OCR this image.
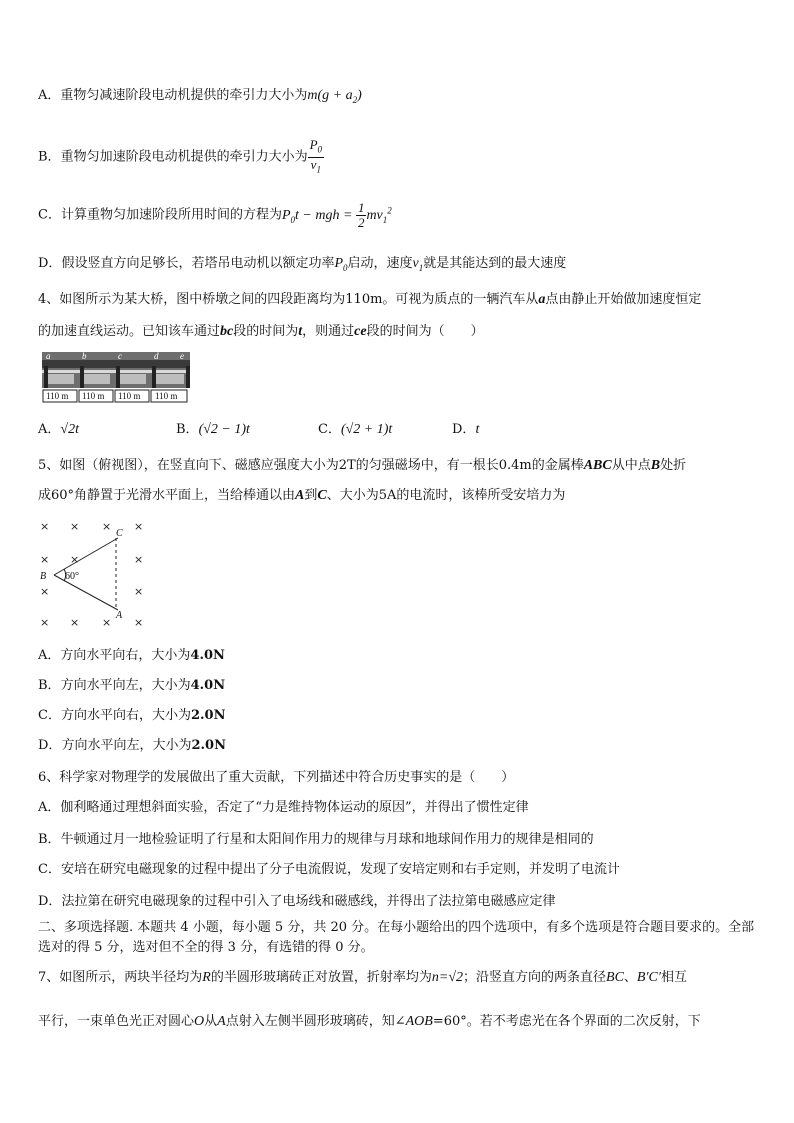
A．重物匀减速阶段电动机提供的牵引力大小为$m(g + a_2)$
B．重物匀加速阶段电动机提供的牵引力大小为 $\frac{P_0}{v_1}$
C．计算重物匀加速阶段所用时间的方程为$P_0t$ − mgh = $\frac{1}{2} mv_1^2$
D．假设竖直方向足够长，若塔吊电动机以额定功率$P_0$启动，速度$v_1$就是其能达到的最大速度
4、如图所示为某大桥，图中桥墩之间的四段距离均为110m。可视为质点的一辆汽车从a点由静止开始做加速度恒定
的加速直线运动。已知该车通过bc段的时间为t，则通过ce段的时间为（　　）
a	b	c	d e
110 m 110 m 110 m 110 m
A．√2t	B．(√2 − 1)t	C．(√2 + 1)t	D．t
5、如图（俯视图），在竖直向下、磁感应强度大小为2T的匀强磁场中，有一根长0.4m的金属棒ABC从中点B处折
成60°角静置于光滑水平面上，当给棒通以由A到C、大小为5A的电流时，该棒所受安培力为
× × × ×
× ×	×
×	×
× × × ×
C
B
A
60°
A．方向水平向右，大小为4.0N
B．方向水平向左，大小为4.0N
C．方向水平向右，大小为2.0N
D．方向水平向左，大小为2.0N
6、科学家对物理学的发展做出了重大贡献，下列描述中符合历史事实的是（　　）
A．伽利略通过理想斜面实验，否定了“力是维持物体运动的原因”，并得出了惯性定律
B．牛顿通过月一地检验证明了行星和太阳间作用力的规律与月球和地球间作用力的规律是相同的
C．安培在研究电磁现象的过程中提出了分子电流假说，发现了安培定则和右手定则，并发明了电流计
D．法拉第在研究电磁现象的过程中引入了电场线和磁感线，并得出了法拉第电磁感应定律
二、多项选择题. 本题共 4 小题，每小题 5 分，共 20 分。在每小题给出的四个选项中，有多个选项是符合题目要求的。全部选对的得 5 分，选对但不全的得 3 分，有选错的得 0 分。
7、如图所示，两块半径均为R的半圆形玻璃砖正对放置，折射率均为n=√2；沿竖直方向的两条直径BC、B′C′相互
平行，一束单色光正对圆心O从A点射入左侧半圆形玻璃砖，知∠AOB=60°。若不考虑光在各个界面的二次反射，下
